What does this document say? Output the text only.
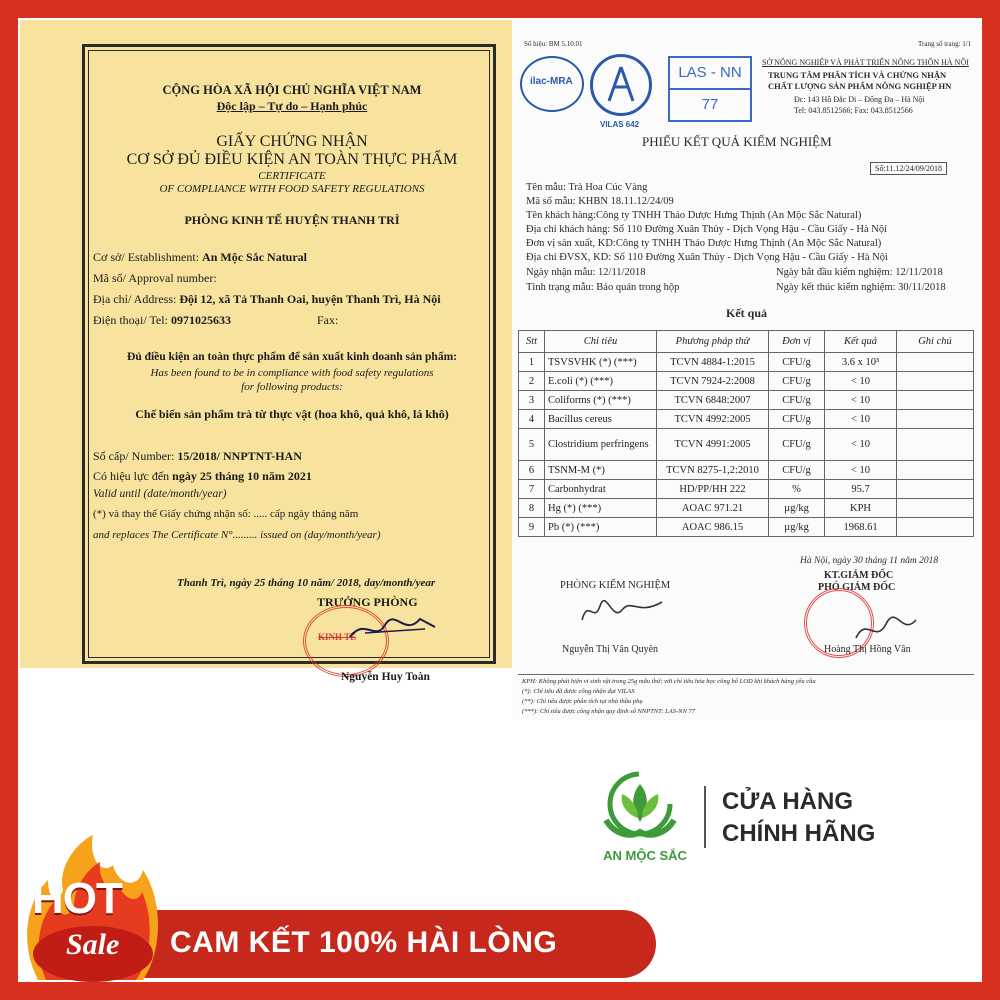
CỘNG HÒA XÃ HỘI CHỦ NGHĨA VIỆT NAM
Độc lập – Tự do – Hạnh phúc
GIẤY CHỨNG NHẬN
CƠ SỞ ĐỦ ĐIỀU KIỆN AN TOÀN THỰC PHẨM
CERTIFICATE
OF COMPLIANCE WITH FOOD SAFETY REGULATIONS
PHÒNG KINH TẾ HUYỆN THANH TRÌ
Cơ sở/ Establishment: An Mộc Sắc Natural
Mã số/ Approval number:
Địa chỉ/ Address: Đội 12, xã Tả Thanh Oai, huyện Thanh Trì, Hà Nội
Điện thoại/ Tel: 0971025633	Fax:
Đủ điều kiện an toàn thực phẩm để sản xuất kinh doanh sản phẩm:
Has been found to be in compliance with food safety regulations
for following products:
Chế biến sản phẩm trà từ thực vật (hoa khô, quả khô, lá khô)
Số cấp/ Number: 15/2018/ NNPTNT-HAN
Có hiệu lực đến ngày 25 tháng 10 năm 2021
Valid until (date/month/year)
(*) và thay thế Giấy chứng nhận số: ..... cấp ngày tháng năm
and replaces The Certificate N°......... issued on (day/month/year)
Thanh Trì, ngày 25 tháng 10 năm/ 2018, day/month/year
TRƯỞNG PHÒNG
KINH TẾ
Nguyễn Huy Toàn
Số hiệu: BM 5.10.01	Trang số trang: 1/1
ilac-MRA
VILAS 642
LAS - NN
77
SỞ NÔNG NGHIỆP VÀ PHÁT TRIỂN NÔNG THÔN HÀ NỘI
TRUNG TÂM PHÂN TÍCH VÀ CHỨNG NHẬN
CHẤT LƯỢNG SẢN PHẨM NÔNG NGHIỆP HN
Đc: 143 Hồ Đắc Di – Đống Đa – Hà Nội
Tel: 043.8512566; Fax: 043.8512566
PHIẾU KẾT QUẢ KIỂM NGHIỆM
Số:11.12/24/09/2018
Tên mẫu: Trà Hoa Cúc Vàng
Mã số mẫu: KHBN 18.11.12/24/09
Tên khách hàng:Công ty TNHH Thảo Dược Hưng Thịnh (An Mộc Sắc Natural)
Địa chỉ khách hàng: Số 110 Đường Xuân Thủy - Dịch Vọng Hậu - Cầu Giấy - Hà Nội
Đơn vị sản xuất, KD:Công ty TNHH Thảo Dược Hưng Thịnh (An Mộc Sắc Natural)
Địa chỉ ĐVSX, KD: Số 110 Đường Xuân Thủy - Dịch Vọng Hậu - Cầu Giấy - Hà Nội
Ngày nhận mẫu: 12/11/2018	Ngày bắt đầu kiểm nghiệm: 12/11/2018
Tình trạng mẫu: Bảo quản trong hộp	Ngày kết thúc kiểm nghiệm: 30/11/2018
Kết quả
Stt	Chỉ tiêu	Phương pháp thử	Đơn vị	Kết quả	Ghi chú
1	TSVSVHK (*) (***)	TCVN 4884-1:2015	CFU/g	3.6 x 10³	
2	E.coli (*) (***)	TCVN 7924-2:2008	CFU/g	< 10	
3	Coliforms (*) (***)	TCVN 6848:2007	CFU/g	< 10	
4	Bacillus cereus	TCVN 4992:2005	CFU/g	< 10	
5	Clostridium perfringens	TCVN 4991:2005	CFU/g	< 10	
6	TSNM-M (*)	TCVN 8275-1,2:2010	CFU/g	< 10	
7	Carbonhydrat	HD/PP/HH 222	%	95.7	
8	Hg (*) (***)	AOAC 971.21	µg/kg	KPH	
9	Pb (*) (***)	AOAC 986.15	µg/kg	1968.61	
Hà Nội, ngày 30 tháng 11 năm 2018
KT.GIÁM ĐỐC
PHÓ GIÁM ĐỐC
PHÒNG KIỂM NGHIỆM
Nguyễn Thị Vân Quyên	Hoàng Thị Hồng Vân
KPH: Không phát hiện vi sinh vật trong 25g mẫu thử; với chỉ tiêu hóa học công bố LOD khi khách hàng yêu cầu
(*): Chỉ tiêu đã được công nhận đạt VILAS
(**): Chỉ tiêu được phân tích tại nhà thầu phụ
(***): Chỉ tiêu được công nhận quy định số NNPTNT: LAS-NN 77
AN MỘC SẮC
CỬA HÀNG
CHÍNH HÃNG
CAM KẾT 100% HÀI LÒNG
HOT
Sale
